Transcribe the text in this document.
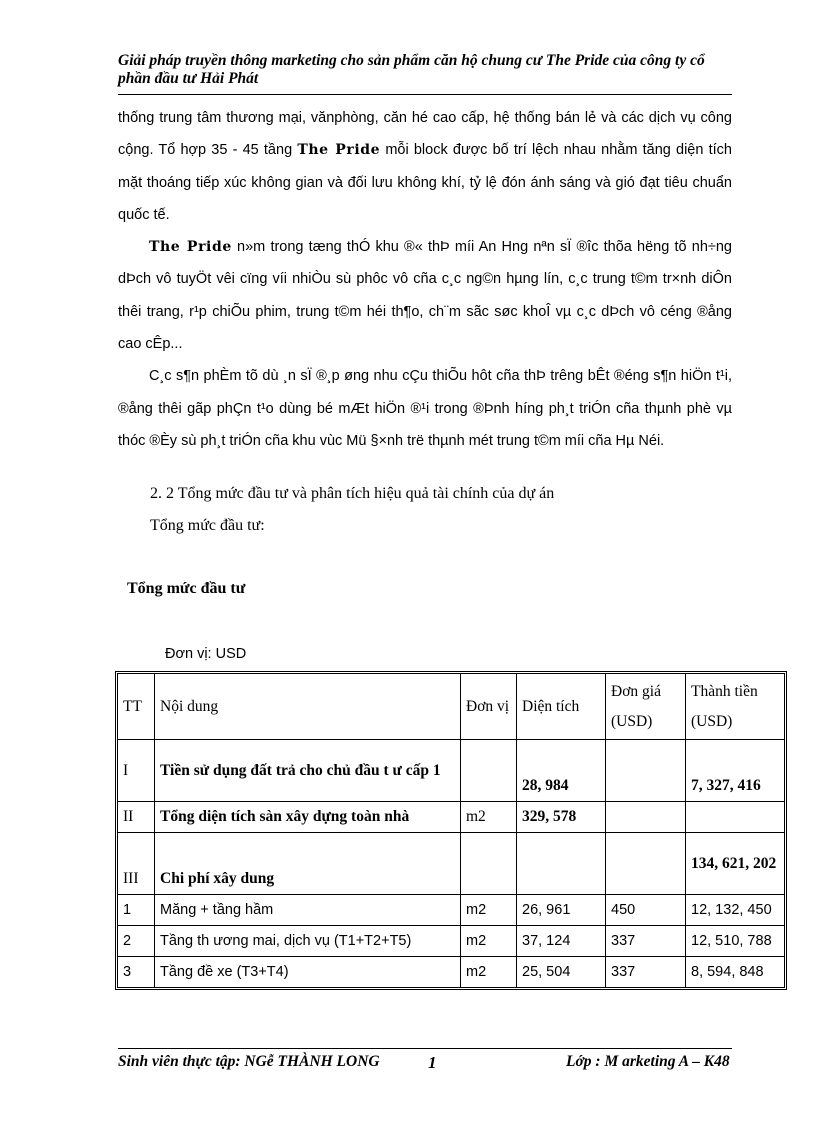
Giải pháp truyền thông marketing cho sản phẩm căn hộ chung cư The Pride của công ty cổ phần đầu tư Hải Phát

thống trung tâm thương mại, vănphòng, căn hé cao cấp, hệ thống bán lẻ và các dịch vụ công cộng. Tổ hợp 35 - 45 tầng The Pride mỗi block được bố trí lệch nhau nhằm tăng diện tích mặt thoáng tiếp xúc không gian và đối lưu không khí, tỷ lệ đón ánh sáng và gió đạt tiêu chuẩn quốc tế.

The Pride n»m trong tæng thÓ khu ®« thÞ míi An Hng nªn sÏ ®îc thõa hëng tõ nh÷ng dÞch vô tuyÖt vêi cïng víi nhiÒu sù phôc vô cña c¸c ng©n hµng lín, c¸c trung t©m tr×nh diÔn thêi trang, r¹p chiÕu phim, trung t©m héi th¶o, ch¨m sãc søc khoÎ vµ c¸c dÞch vô céng ®ång cao cÊp...

C¸c s¶n phÈm tõ dù ¸n sÏ ®¸p øng nhu cÇu thiÕu hôt cña thÞ trêng bÊt ®éng s¶n hiÖn t¹i, ®ång thêi gãp phÇn t¹o dùng bé mÆt hiÖn ®¹i trong ®Þnh híng ph¸t triÓn cña thµnh phè vµ thóc ®Èy sù ph¸t triÓn cña khu vùc Mü §×nh trë thµnh mét trung t©m míi cña Hµ Néi.

2. 2 Tổng mức đầu tư và phân tích hiệu quả tài chính của dự án
Tổng mức đầu tư:
Tổng mức đầu tư
Đơn vị: USD
TT	Nội dung	Đơn vị	Diện tích	Đơn giá (USD)	Thành tiền (USD)
I	Tiền sử dụng đất trả cho chủ đầu t ư cấp 1		28, 984		7, 327, 416
II	Tổng diện tích sàn xây dựng toàn nhà	m2	329, 578		
III	Chi phí xây dung				134, 621, 202
1	Măng + tầng hầm	m2	26, 961	450	12, 132, 450
2	Tầng th ương mai, dịch vụ (T1+T2+T5)	m2	37, 124	337	12, 510, 788
3	Tầng đề xe (T3+T4)	m2	25, 504	337	8, 594, 848
Sinh viên thực tập: NGễ THÀNH LONG	1	Lớp : M arketing A – K48
